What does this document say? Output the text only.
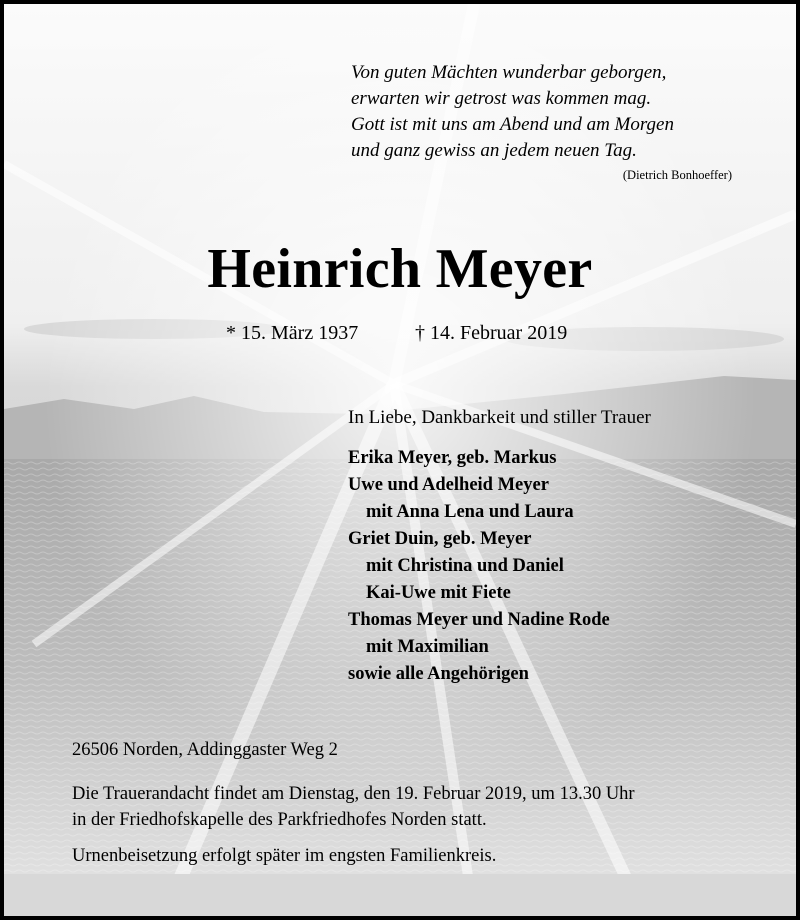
Von guten Mächten wunderbar geborgen,
erwarten wir getrost was kommen mag.
Gott ist mit uns am Abend und am Morgen
und ganz gewiss an jedem neuen Tag.
(Dietrich Bonhoeffer)
Heinrich Meyer
* 15. März 1937	† 14. Februar 2019
In Liebe, Dankbarkeit und stiller Trauer
Erika Meyer, geb. Markus
Uwe und Adelheid Meyer
mit Anna Lena und Laura
Griet Duin, geb. Meyer
mit Christina und Daniel
Kai-Uwe mit Fiete
Thomas Meyer und Nadine Rode
mit Maximilian
sowie alle Angehörigen
26506 Norden, Addinggaster Weg 2
Die Trauerandacht findet am Dienstag, den 19. Februar 2019, um 13.30 Uhr
in der Friedhofskapelle des Parkfriedhofes Norden statt.
Urnenbeisetzung erfolgt später im engsten Familienkreis.
